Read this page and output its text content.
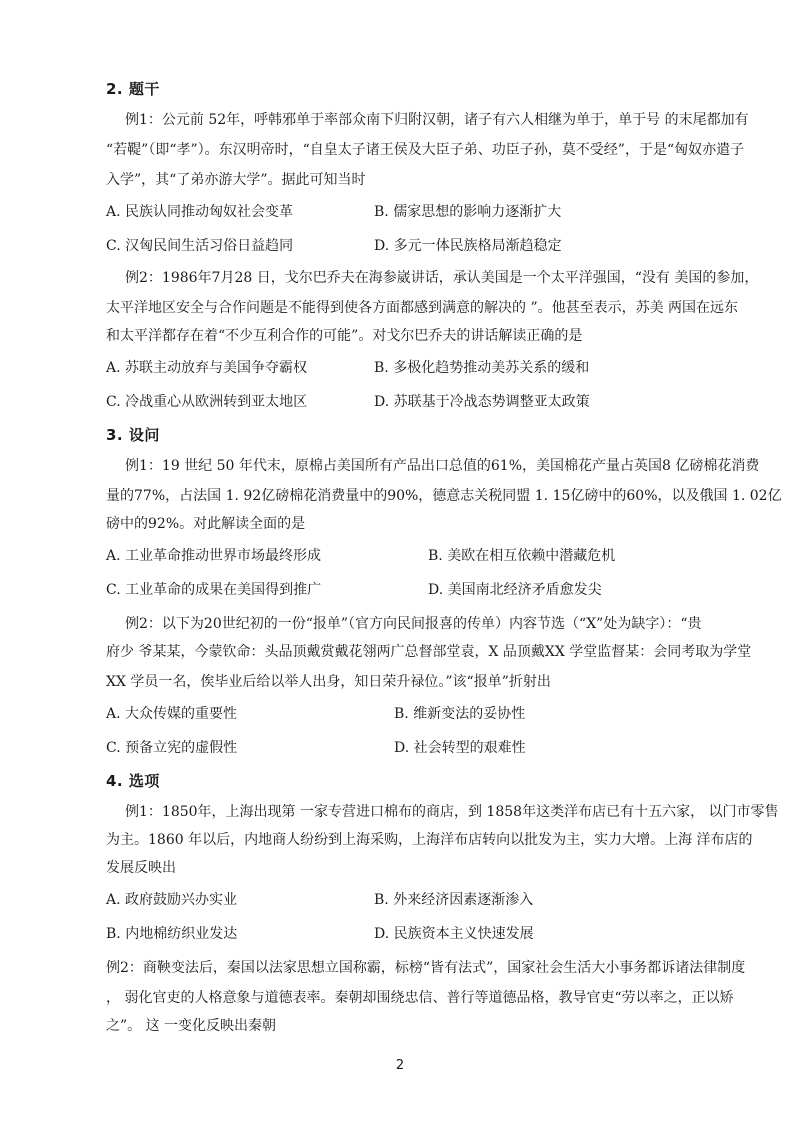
2. 题干
例1：公元前 52年，呼韩邪单于率部众南下归附汉朝，诸子有六人相继为单于，单于号 的末尾都加有
“若鞮”（即“孝”）。东汉明帝时，“自皇太子诸王侯及大臣子弟、功臣子孙，莫不受经”，于是“匈奴亦遣子
入学”，其“了弟亦游大学”。据此可知当时
A. 民族认同推动匈奴社会变革	B. 儒家思想的影响力逐渐扩大
C. 汉匈民间生活习俗日益趋同	D. 多元一体民族格局渐趋稳定
例2：1986年7月28 日，戈尔巴乔夫在海参崴讲话，承认美国是一个太平洋强国，“没有 美国的参加，
太平洋地区安全与合作问题是不能得到使各方面都感到满意的解决的 ”。他甚至表示，苏美 两国在远东
和太平洋都存在着“不少互利合作的可能”。对戈尔巴乔夫的讲话解读正确的是
A. 苏联主动放弃与美国争夺霸权	B. 多极化趋势推动美苏关系的缓和
C. 冷战重心从欧洲转到亚太地区	D. 苏联基于冷战态势调整亚太政策
3. 设问
例1：19 世纪 50 年代末，原棉占美国所有产品出口总值的61%，美国棉花产量占英国8 亿磅棉花消费
量的77%，占法国 1. 92亿磅棉花消费量中的90%，德意志关税同盟 1. 15亿磅中的60%，以及俄国 1. 02亿
磅中的92%。对此解读全面的是
A. 工业革命推动世界市场最终形成	B. 美欧在相互依赖中潜藏危机
C. 工业革命的成果在美国得到推广	D. 美国南北经济矛盾愈发尖
例2：以下为20世纪初的一份“报单”（官方向民间报喜的传单）内容节选（“X”处为缺字）：“贵
府少 爷某某，今蒙钦命：头品顶戴赏戴花翎两广总督部堂袁，X 品顶戴XX 学堂监督某：会同考取为学堂
XX 学员一名，俟毕业后给以举人出身，知日荣升禄位。”该“报单”折射出
A. 大众传媒的重要性	B. 维新变法的妥协性
C. 预备立宪的虚假性	D. 社会转型的艰难性
4. 选项
例1：1850年，上海出现第 一家专营进口棉布的商店，到 1858年这类洋布店已有十五六家， 以门市零售
为主。1860 年以后，内地商人纷纷到上海采购，上海洋布店转向以批发为主，实力大增。上海 洋布店的
发展反映出
A. 政府鼓励兴办实业	B. 外来经济因素逐渐渗入
B. 内地棉纺织业发达	D. 民族资本主义快速发展
例2：商鞅变法后，秦国以法家思想立国称霸，标榜“皆有法式”，国家社会生活大小事务都诉诸法律制度
， 弱化官吏的人格意象与道德表率。秦朝却围绕忠信、普行等道德品格，教导官吏“劳以率之，正以矫
2
之”。 这 一变化反映出秦朝
